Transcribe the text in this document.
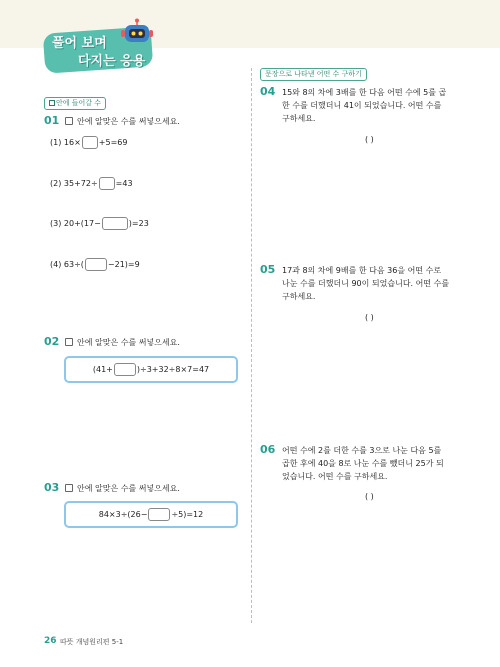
풀어 보며
다지는 응용
안에 들어갈 수
01 안에 알맞은 수를 써넣으세요.
(1)
16× +5=69
(2)
35+72÷ =43
(3)
20+(17−	)=23
(4)
63÷(	−21)=9
02 안에 알맞은 수를 써넣으세요.
(41+	)÷3+32÷8×7=47
03 안에 알맞은 수를 써넣으세요.
84×3÷(26−	÷5)=12
문장으로 나타낸 어떤 수 구하기
04 15와 8의 차에 3배를 한 다음 어떤 수에 5를 곱
한 수를 더했더니 41이 되었습니다. 어떤 수를
구하세요.
( )
05 17과 8의 차에 9배를 한 다음 36을 어떤 수로
나눈 수를 더했더니 90이 되었습니다. 어떤 수를
구하세요.
( )
06 어떤 수에 2를 더한 수를 3으로 나눈 다음 5를
곱한 후에 40을 8로 나눈 수를 뺐더니 25가 되
었습니다. 어떤 수를 구하세요.
( )
26 따뜻 개념원리편 5-1
